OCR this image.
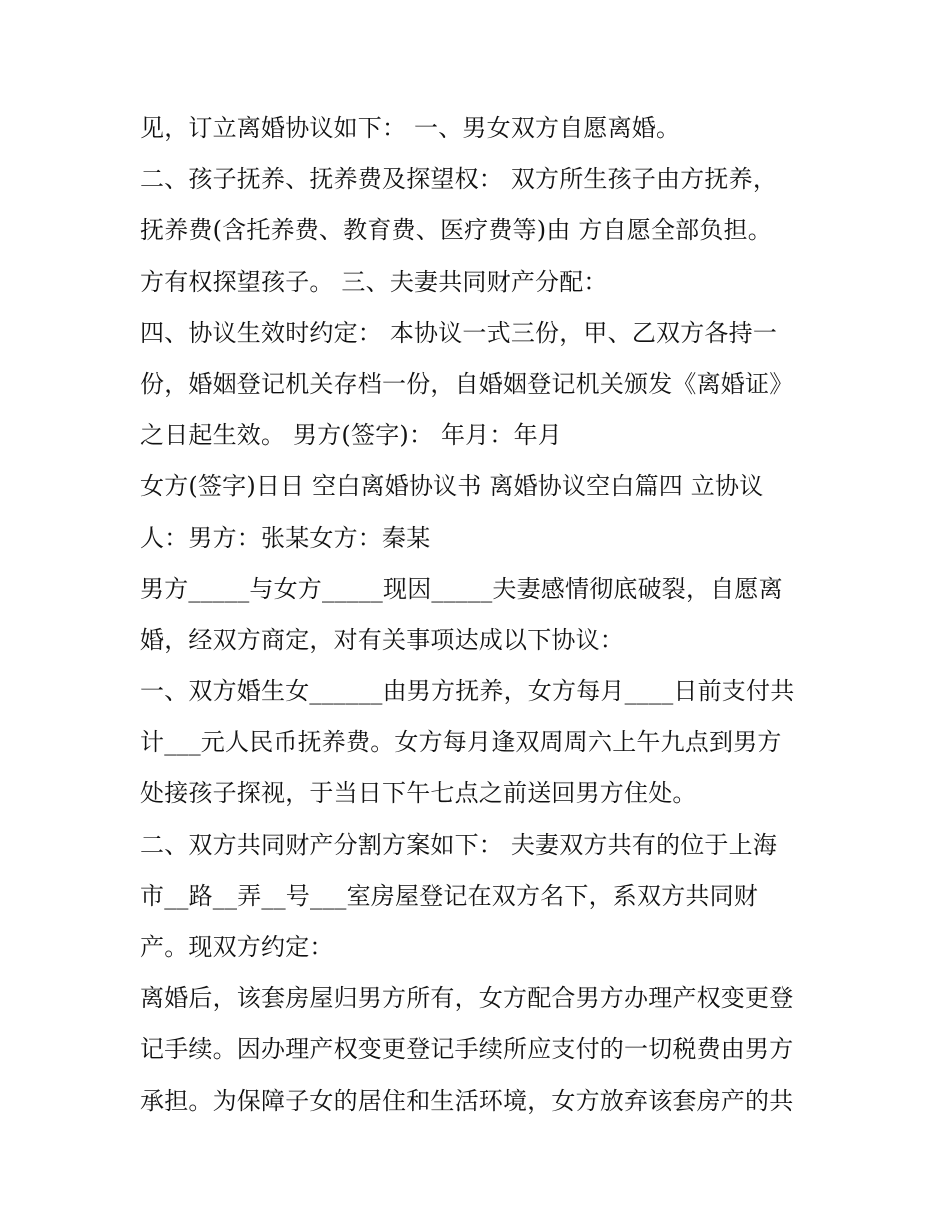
见，订立离婚协议如下： 一、男女双方自愿离婚。
二、孩子抚养、抚养费及探望权： 双方所生孩子由方抚养，
抚养费(含托养费、教育费、医疗费等)由 方自愿全部负担。
方有权探望孩子。 三、夫妻共同财产分配：
四、协议生效时约定： 本协议一式三份，甲、乙双方各持一
份，婚姻登记机关存档一份，自婚姻登记机关颁发《离婚证》
之日起生效。 男方(签字)： 年月：年月
女方(签字)日日 空白离婚协议书 离婚协议空白篇四 立协议
人：男方：张某女方：秦某
男方_____与女方_____现因_____夫妻感情彻底破裂，自愿离
婚，经双方商定，对有关事项达成以下协议：
一、双方婚生女______由男方抚养，女方每月____日前支付共
计___元人民币抚养费。女方每月逢双周周六上午九点到男方
处接孩子探视，于当日下午七点之前送回男方住处。
二、双方共同财产分割方案如下： 夫妻双方共有的位于上海
市__路__弄__号___室房屋登记在双方名下，系双方共同财
产。现双方约定：
离婚后，该套房屋归男方所有，女方配合男方办理产权变更登
记手续。因办理产权变更登记手续所应支付的一切税费由男方
承担。为保障子女的居住和生活环境，女方放弃该套房产的共
